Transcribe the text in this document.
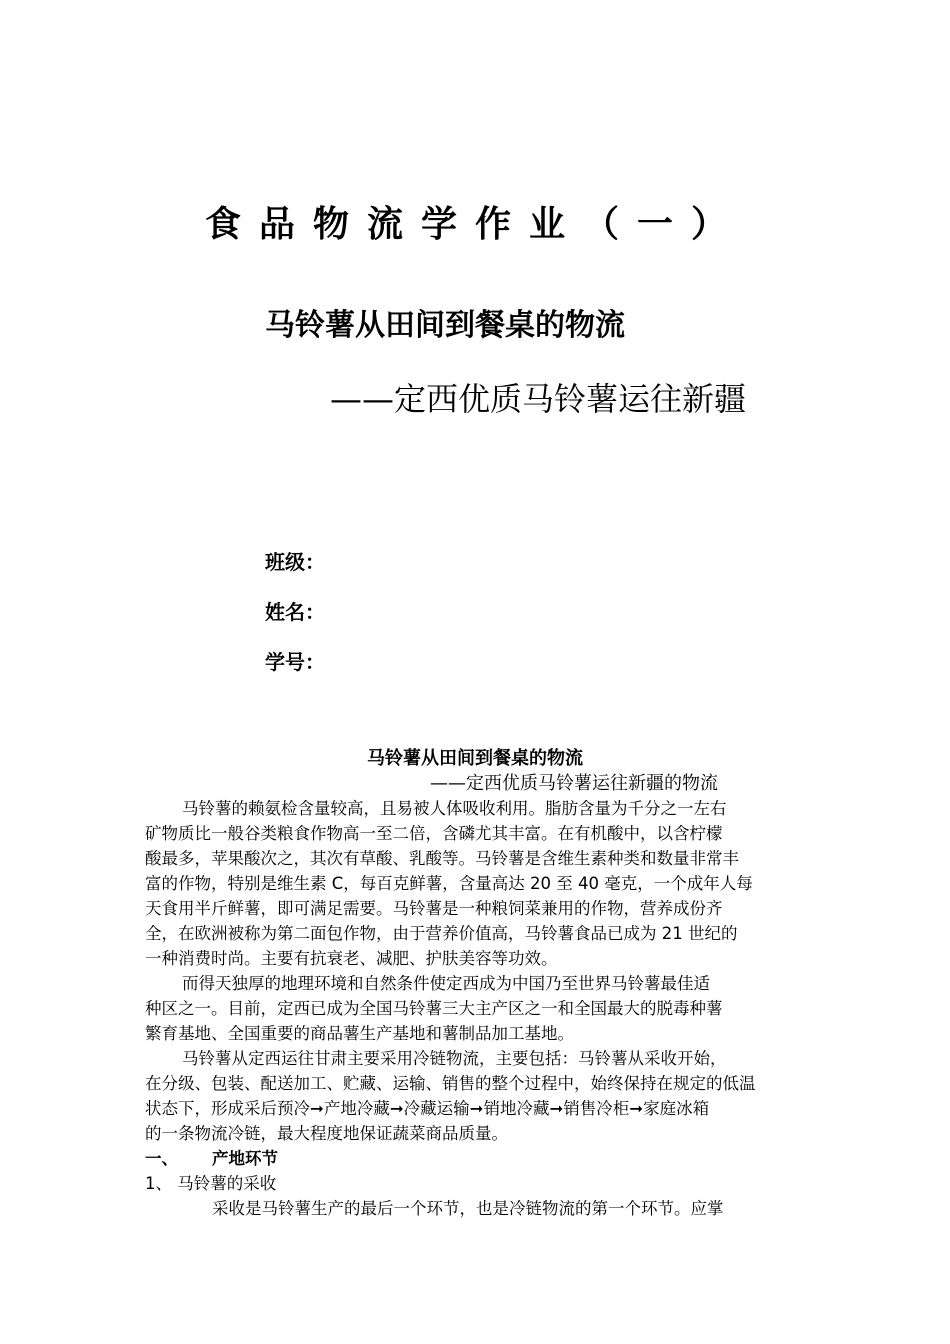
食品物流学作业（一）
马铃薯从田间到餐桌的物流
——定西优质马铃薯运往新疆
班级：
姓名：
学号：
马铃薯从田间到餐桌的物流
——定西优质马铃薯运往新疆的物流
马铃薯的赖氨检含量较高，且易被人体吸收利用。脂肪含量为千分之一左右
矿物质比一般谷类粮食作物高一至二倍，含磷尤其丰富。在有机酸中，以含柠檬
酸最多，苹果酸次之，其次有草酸、乳酸等。马铃薯是含维生素种类和数量非常丰
富的作物，特别是维生素 C，每百克鲜薯，含量高达 20 至 40 毫克，一个成年人每
天食用半斤鲜薯，即可满足需要。马铃薯是一种粮饲菜兼用的作物，营养成份齐
全，在欧洲被称为第二面包作物，由于营养价值高，马铃薯食品已成为 21 世纪的
一种消费时尚。主要有抗衰老、减肥、护肤美容等功效。
而得天独厚的地理环境和自然条件使定西成为中国乃至世界马铃薯最佳适
种区之一。目前，定西已成为全国马铃薯三大主产区之一和全国最大的脱毒种薯
繁育基地、全国重要的商品薯生产基地和薯制品加工基地。
马铃薯从定西运往甘肃主要采用冷链物流，主要包括：马铃薯从采收开始，
在分级、包装、配送加工、贮藏、运输、销售的整个过程中，始终保持在规定的低温
状态下，形成采后预冷➞产地冷藏➞冷藏运输➞销地冷藏➞销售冷柜➞家庭冰箱
的一条物流冷链，最大程度地保证蔬菜商品质量。
一、 产地环节
1、 马铃薯的采收
采收是马铃薯生产的最后一个环节，也是冷链物流的第一个环节。应掌
